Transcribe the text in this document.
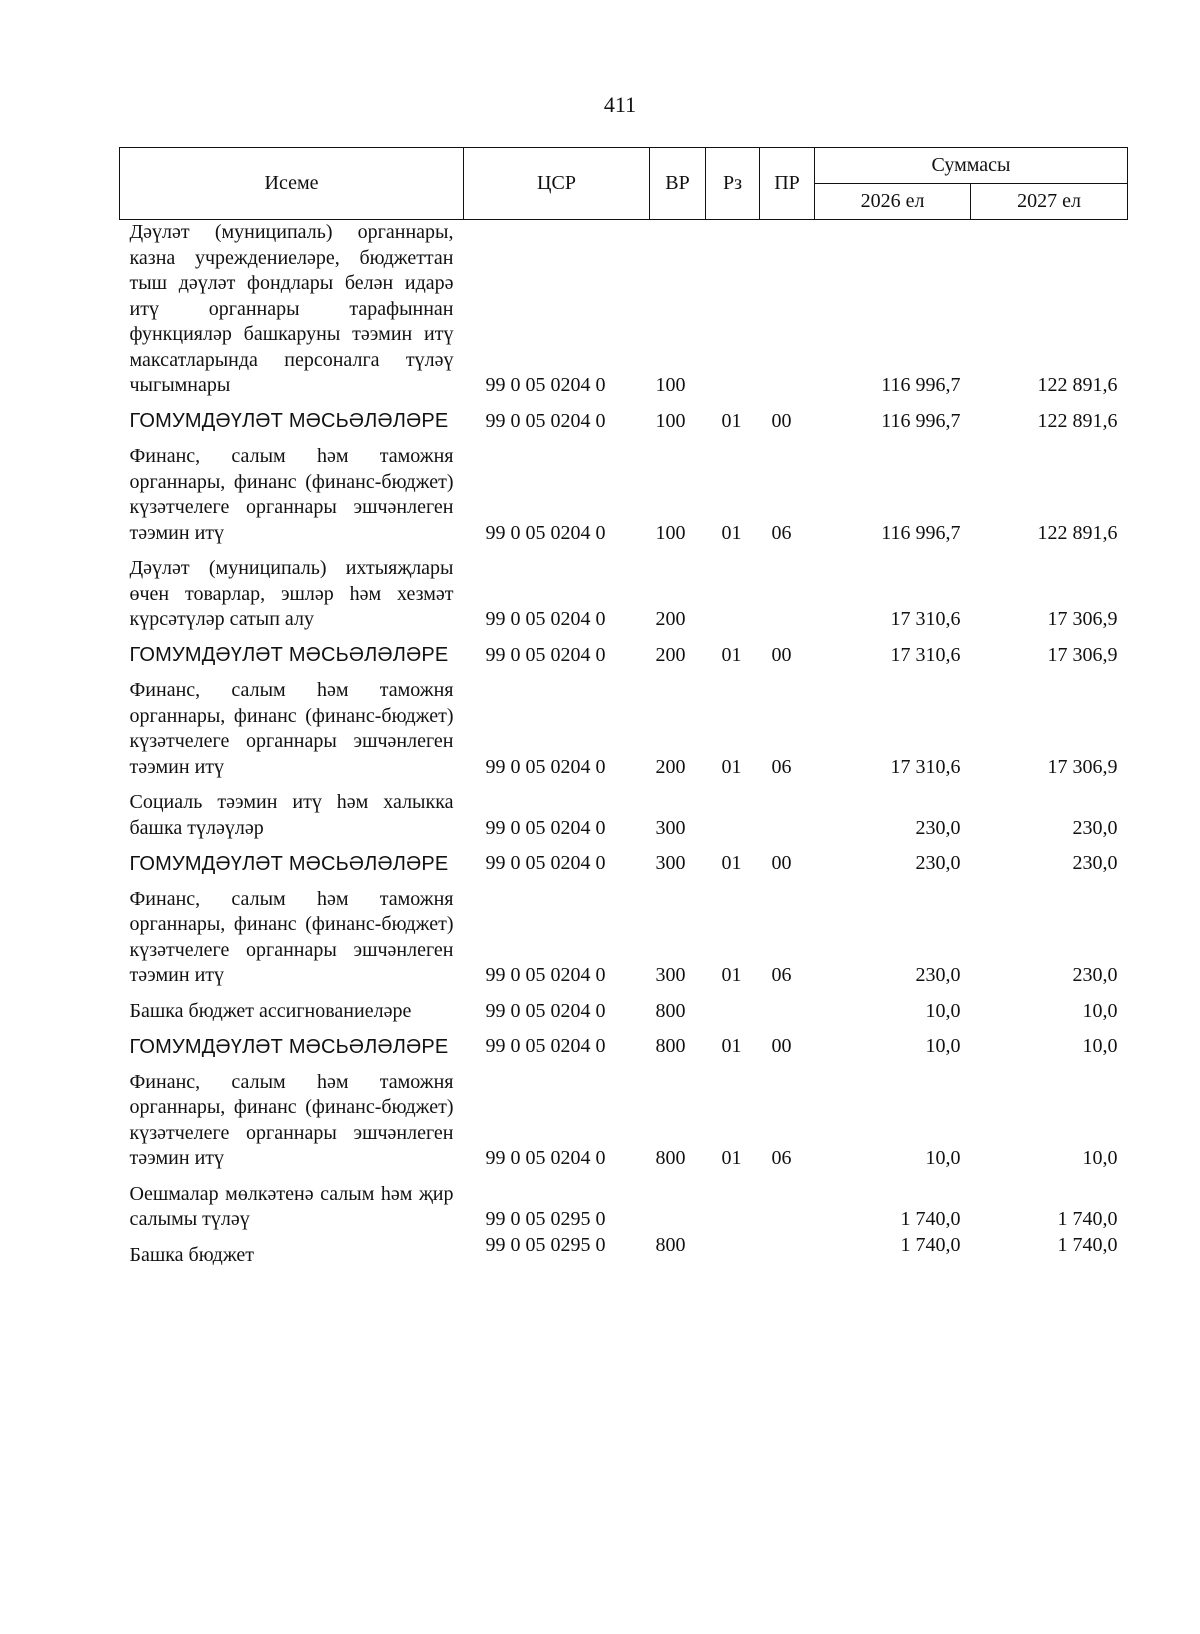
411
Исеме	ЦСР	ВР	Рз	ПР	Суммасы	
					2026 ел	2027 ел
Дәүләт (муниципаль) органнары, казна учреждениеләре, бюджеттан тыш дәүләт фондлары белән идарә итү органнары тарафыннан функцияләр башкаруны тәэмин итү максатларында персоналга түләү чыгымнары	99 0 05 0204 0	100			116 996,7	122 891,6
ГОМУМДӘҮЛӘТ МӘСЬӘЛӘЛӘРЕ	99 0 05 0204 0	100	01	00	116 996,7	122 891,6
Финанс, салым һәм таможня органнары, финанс (финанс-бюджет) күзәтчелеге органнары эшчәнлеген тәэмин итү	99 0 05 0204 0	100	01	06	116 996,7	122 891,6
Дәүләт (муниципаль) ихтыяҗлары өчен товарлар, эшләр һәм хезмәт күрсәтүләр сатып алу	99 0 05 0204 0	200			17 310,6	17 306,9
ГОМУМДӘҮЛӘТ МӘСЬӘЛӘЛӘРЕ	99 0 05 0204 0	200	01	00	17 310,6	17 306,9
Финанс, салым һәм таможня органнары, финанс (финанс-бюджет) күзәтчелеге органнары эшчәнлеген тәэмин итү	99 0 05 0204 0	200	01	06	17 310,6	17 306,9
Социаль тәэмин итү һәм халыкка башка түләүләр	99 0 05 0204 0	300			230,0	230,0
ГОМУМДӘҮЛӘТ МӘСЬӘЛӘЛӘРЕ	99 0 05 0204 0	300	01	00	230,0	230,0
Финанс, салым һәм таможня органнары, финанс (финанс-бюджет) күзәтчелеге органнары эшчәнлеген тәэмин итү	99 0 05 0204 0	300	01	06	230,0	230,0
Башка бюджет ассигнованиеләре	99 0 05 0204 0	800			10,0	10,0
ГОМУМДӘҮЛӘТ МӘСЬӘЛӘЛӘРЕ	99 0 05 0204 0	800	01	00	10,0	10,0
Финанс, салым һәм таможня органнары, финанс (финанс-бюджет) күзәтчелеге органнары эшчәнлеген тәэмин итү	99 0 05 0204 0	800	01	06	10,0	10,0
Оешмалар мөлкәтенә салым һәм җир салымы түләү	99 0 05 0295 0				1 740,0	1 740,0
Башка бюджет	99 0 05 0295 0	800			1 740,0	1 740,0
